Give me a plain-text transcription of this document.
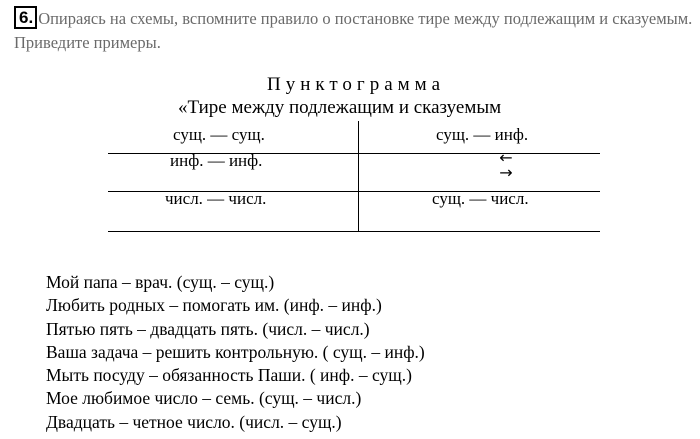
6. Опираясь на схемы, вспомните правило о постановке тире между подлежащим и сказуемым. Приведите примеры.
Пунктограмма
«Тире между подлежащим и сказуемым
сущ. — сущ.	сущ. — инф.
инф. — инф.	←
→
числ. — числ.	сущ. — числ.
Мой папа – врач. (сущ. – сущ.)
Любить родных – помогать им. (инф. – инф.)
Пятью пять – двадцать пять. (числ. – числ.)
Ваша задача – решить контрольную. ( сущ. – инф.)
Мыть посуду – обязанность Паши. ( инф. – сущ.)
Мое любимое число – семь. (сущ. – числ.)
Двадцать – четное число. (числ. – сущ.)
